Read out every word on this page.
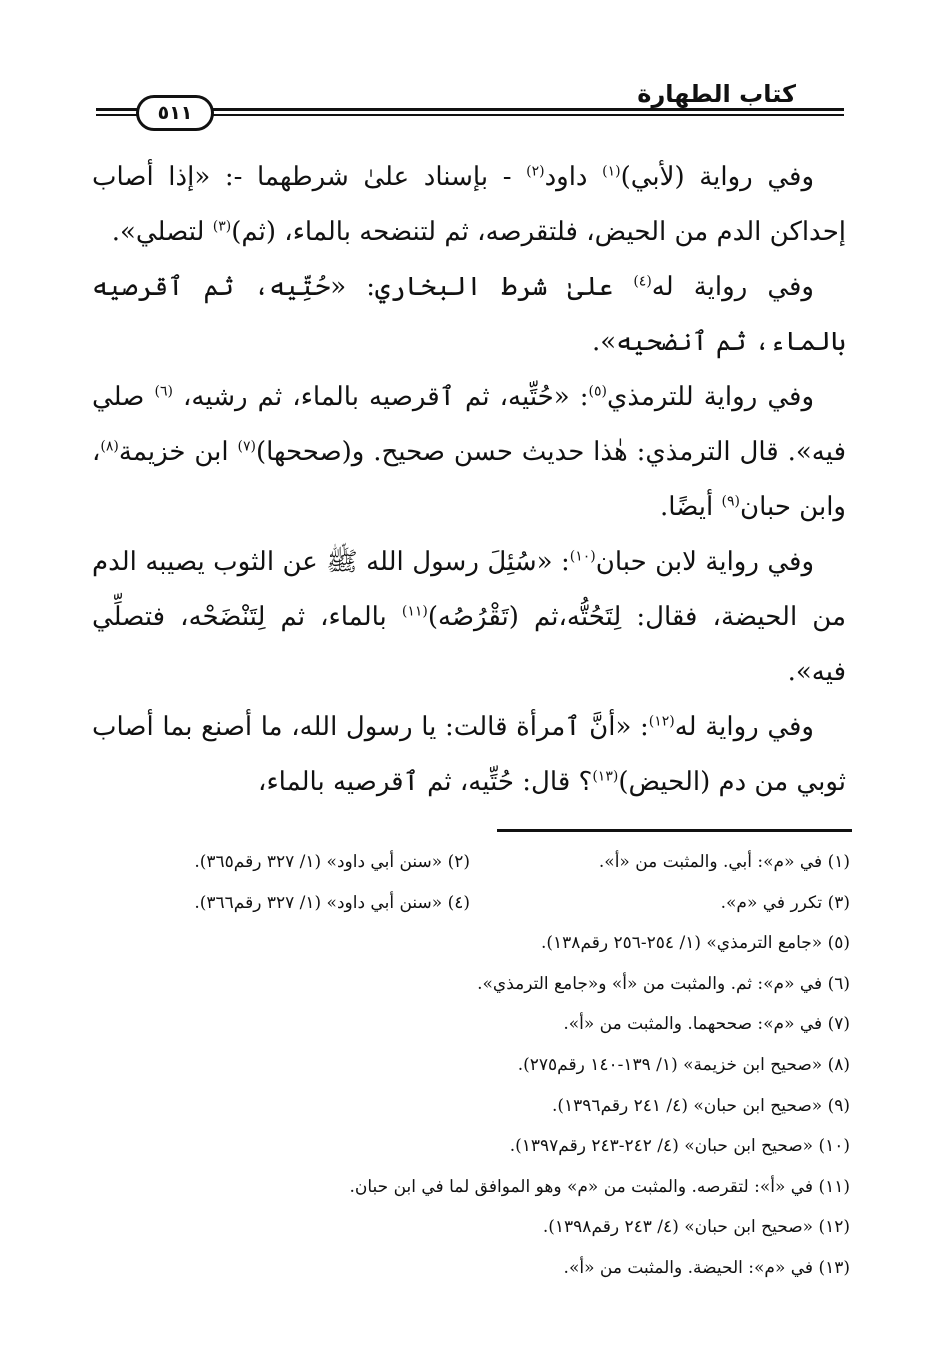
كتاب الطهارة
٥١١

وفي رواية (لأبي)$^{(١)}$ داود$^{(٢)}$ - بإسناد علىٰ شرطهما -: «إذا أصاب إحداكن الدم من الحيض، فلتقرصه، ثم لتنضحه بالماء، (ثم)$^{(٣)}$ لتصلي».

وفي رواية له$^{(٤)}$ علىٰ شرط البخاري: «حُتِّيه، ثم ٱقرصيه بالماء، ثم ٱنضحيه».

وفي رواية للترمذي$^{(٥)}$: «حُتِّيه، ثم ٱقرصيه بالماء، ثم رشيه، $^{(٦)}$ صلي فيه». قال الترمذي: هٰذا حديث حسن صحيح. و(صححها)$^{(٧)}$ ابن خزيمة$^{(٨)}$، وابن حبان$^{(٩)}$ أيضًا.

وفي رواية لابن حبان$^{(١٠)}$: «سُئِلَ رسول الله ﷺ عن الثوب يصيبه الدم من الحيضة، فقال: لِتَحُتُّه،ثم (تَقْرُصُه)$^{(١١)}$ بالماء، ثم لِتَنْضَحْه، فتصلِّي فيه».

وفي رواية له$^{(١٢)}$: «أنَّ ٱمرأة قالت: يا رسول الله، ما أصنع بما أصاب ثوبي من دم (الحيض)$^{(١٣)}$؟ قال: حُتِّيه، ثم ٱقرصيه بالماء،

(١) في «م»: أبي. والمثبت من «أ».
(٢) «سنن أبي داود» (١/ ٣٢٧ رقم٣٦٥).
(٣) تكرر في «م».
(٤) «سنن أبي داود» (١/ ٣٢٧ رقم٣٦٦).
(٥) «جامع الترمذي» (١/ ٢٥٤-٢٥٦ رقم١٣٨).
(٦) في «م»: ثم. والمثبت من «أ» و«جامع الترمذي».
(٧) في «م»: صححهما. والمثبت من «أ».
(٨) «صحيح ابن خزيمة» (١/ ١٣٩-١٤٠ رقم٢٧٥).
(٩) «صحيح ابن حبان» (٤/ ٢٤١ رقم١٣٩٦).
(١٠) «صحيح ابن حبان» (٤/ ٢٤٢-٢٤٣ رقم١٣٩٧).
(١١) في «أ»: لتقرصه. والمثبت من «م» وهو الموافق لما في ابن حبان.
(١٢) «صحيح ابن حبان» (٤/ ٢٤٣ رقم١٣٩٨).
(١٣) في «م»: الحيضة. والمثبت من «أ».
